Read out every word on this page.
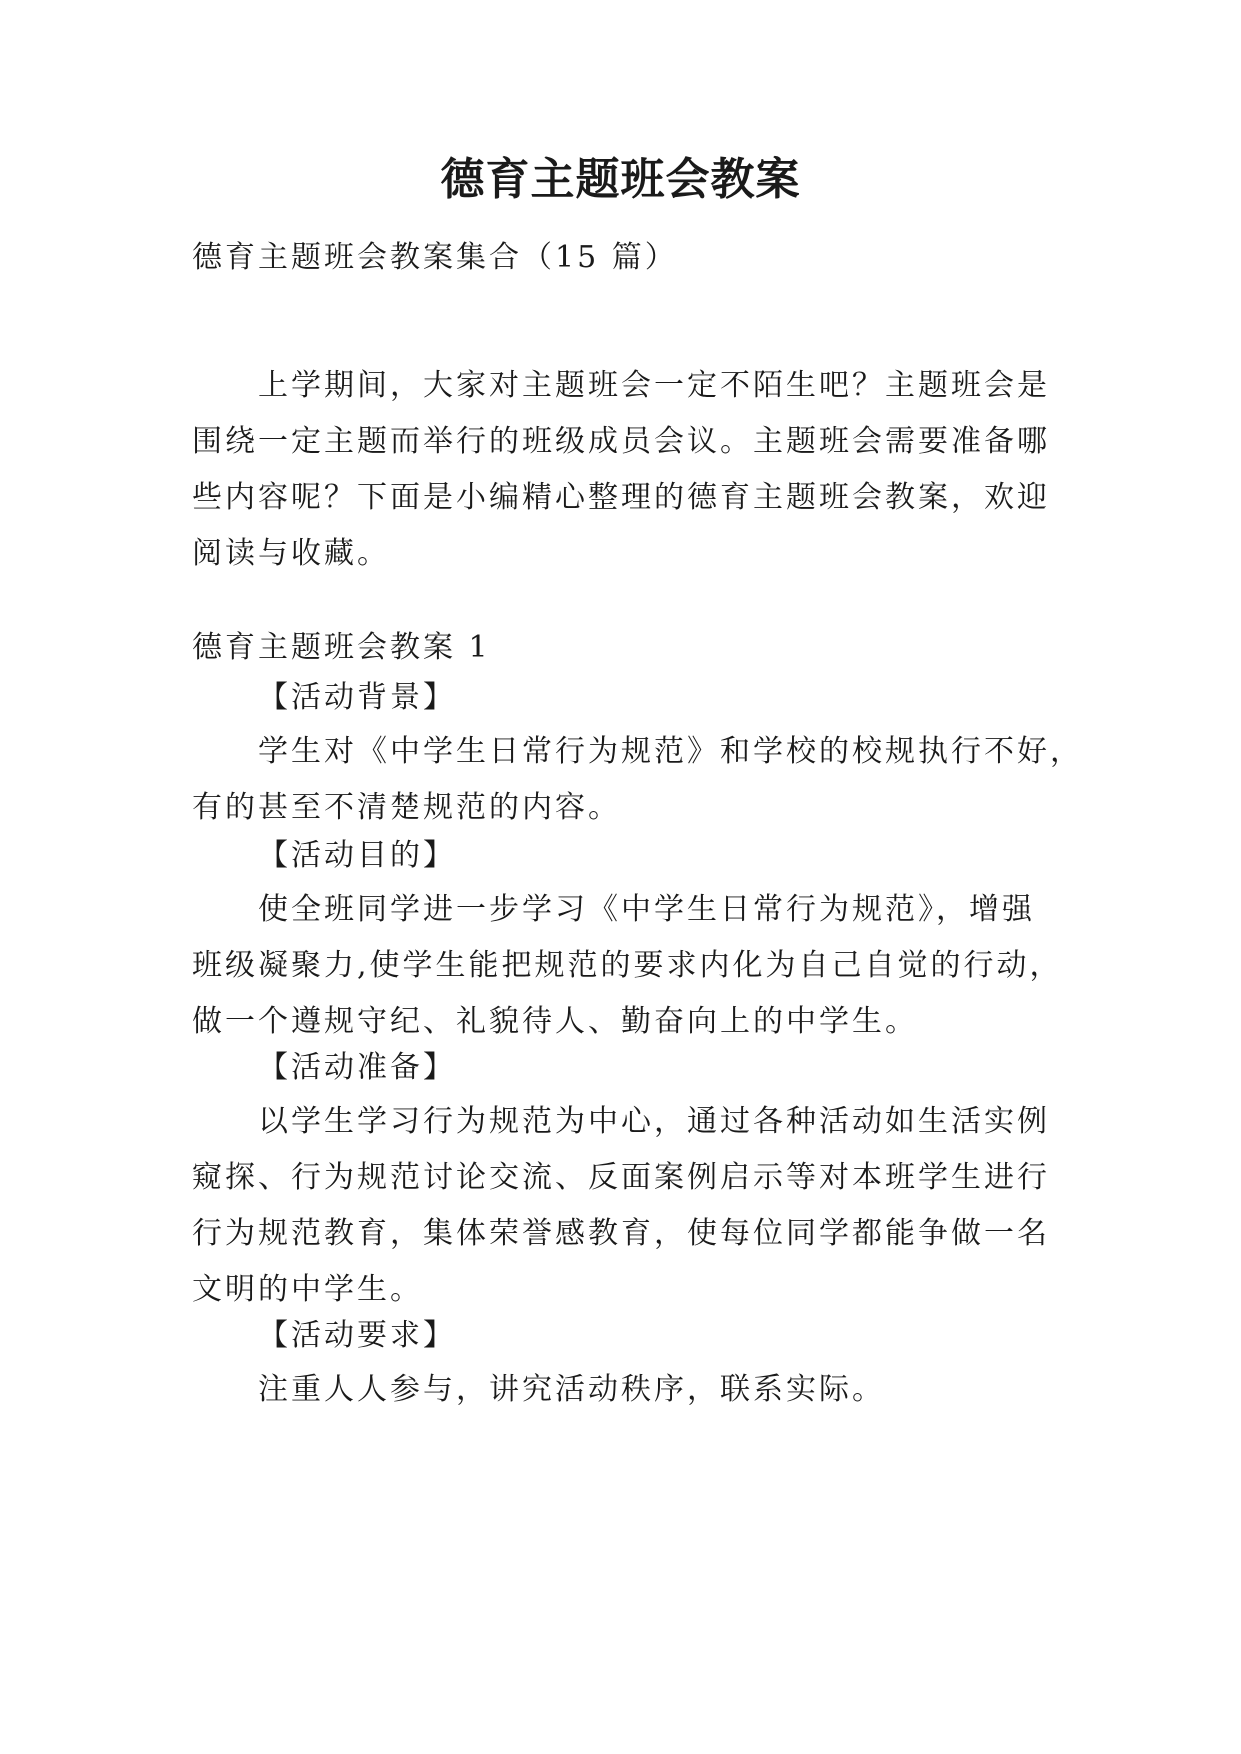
德育主题班会教案
德育主题班会教案集合（15 篇）
上学期间，大家对主题班会一定不陌生吧？主题班会是
围绕一定主题而举行的班级成员会议。主题班会需要准备哪
些内容呢？下面是小编精心整理的德育主题班会教案，欢迎
阅读与收藏。
德育主题班会教案 1
【活动背景】
学生对《中学生日常行为规范》和学校的校规执行不好，
有的甚至不清楚规范的内容。
【活动目的】
使全班同学进一步学习《中学生日常行为规范》，增强
班级凝聚力,使学生能把规范的要求内化为自己自觉的行动，
做一个遵规守纪、礼貌待人、勤奋向上的中学生。
【活动准备】
以学生学习行为规范为中心，通过各种活动如生活实例
窥探、行为规范讨论交流、反面案例启示等对本班学生进行
行为规范教育，集体荣誉感教育，使每位同学都能争做一名
文明的中学生。
【活动要求】
注重人人参与，讲究活动秩序，联系实际。
